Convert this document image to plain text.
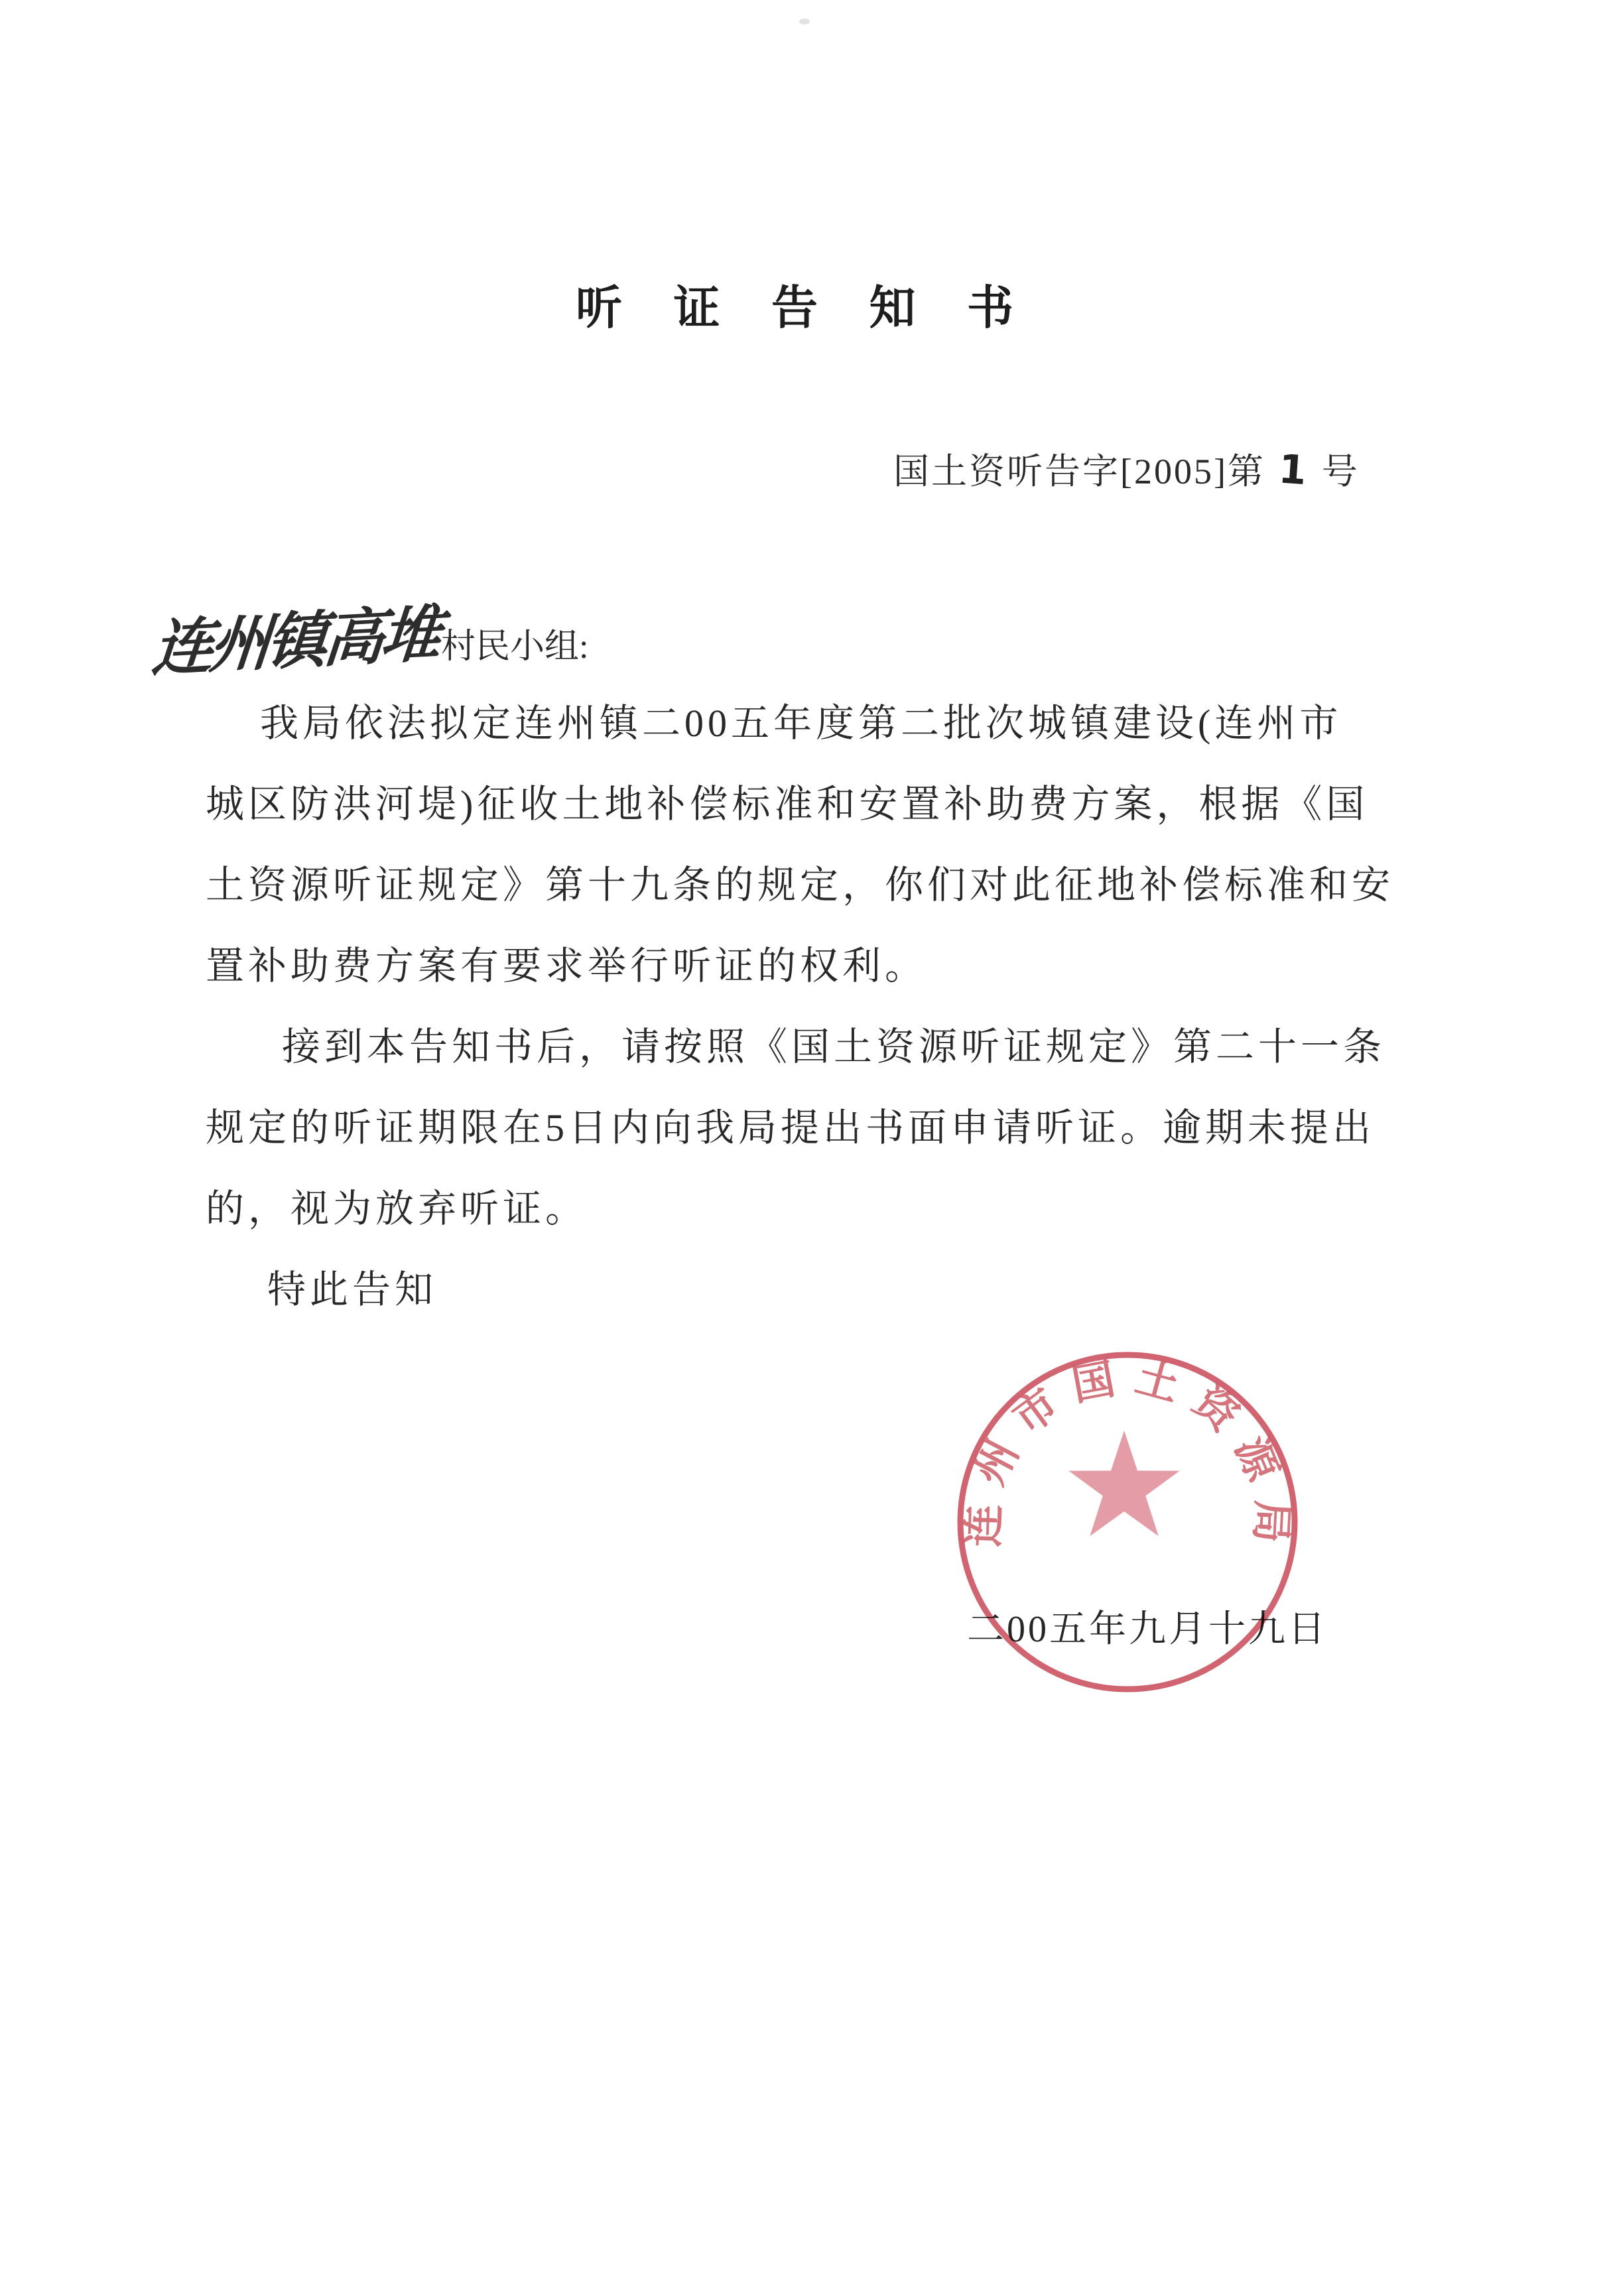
听 证 告 知 书
国土资听告字[2005]第 1 号
连州镇高堆村民小组:
我局依法拟定连州镇二00五年度第二批次城镇建设(连州市
城区防洪河堤)征收土地补偿标准和安置补助费方案，根据《国
土资源听证规定》第十九条的规定，你们对此征地补偿标准和安
置补助费方案有要求举行听证的权利。
接到本告知书后，请按照《国土资源听证规定》第二十一条
规定的听证期限在5日内向我局提出书面申请听证。逾期未提出
的，视为放弃听证。
特此告知
二00五年九月十九日
连州市国土资源局
